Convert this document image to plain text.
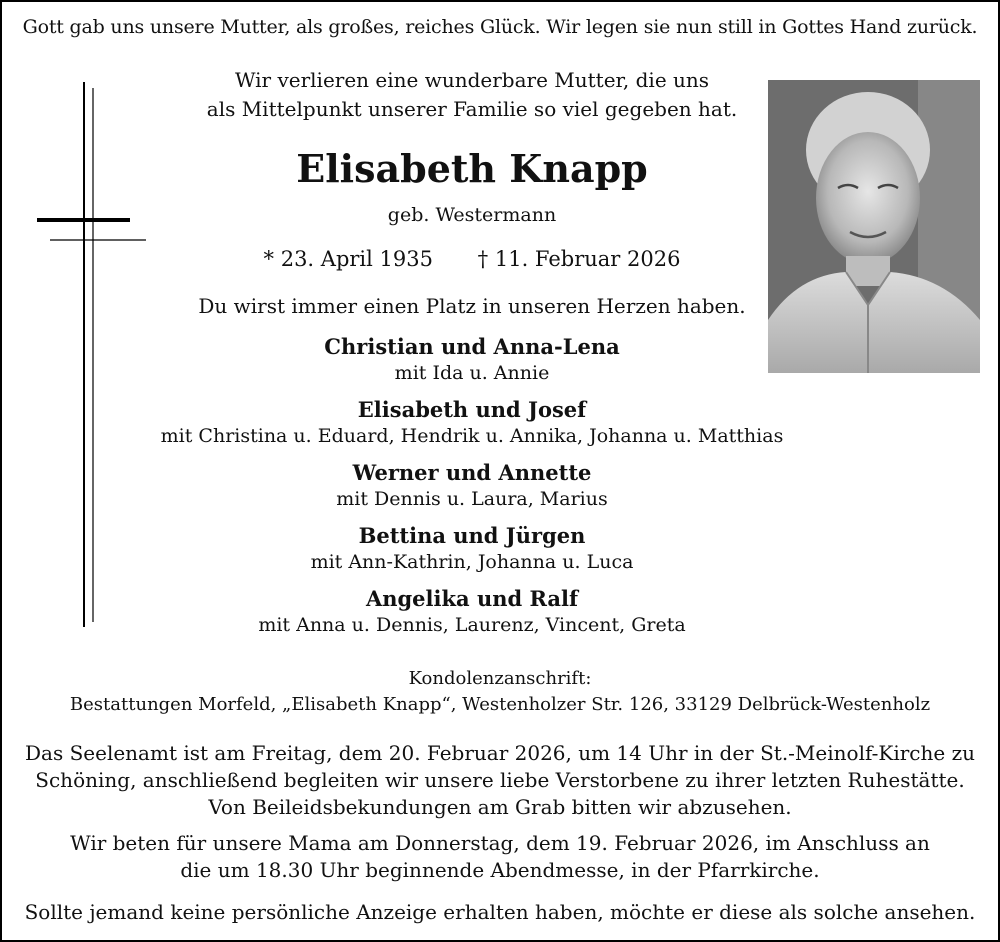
Gott gab uns unsere Mutter, als großes, reiches Glück. Wir legen sie nun still in Gottes Hand zurück.
Wir verlieren eine wunderbare Mutter, die uns
als Mittelpunkt unserer Familie so viel gegeben hat.
Elisabeth Knapp
geb. Westermann
* 23. April 1935 † 11. Februar 2026
Du wirst immer einen Platz in unseren Herzen haben.
Christian und Anna-Lena
mit Ida u. Annie
Elisabeth und Josef
mit Christina u. Eduard, Hendrik u. Annika, Johanna u. Matthias
Werner und Annette
mit Dennis u. Laura, Marius
Bettina und Jürgen
mit Ann-Kathrin, Johanna u. Luca
Angelika und Ralf
mit Anna u. Dennis, Laurenz, Vincent, Greta
Kondolenzanschrift:
Bestattungen Morfeld, „Elisabeth Knapp“, Westenholzer Str. 126, 33129 Delbrück-Westenholz
Das Seelenamt ist am Freitag, dem 20. Februar 2026, um 14 Uhr in der St.-Meinolf-Kirche zu
Schöning, anschließend begleiten wir unsere liebe Verstorbene zu ihrer letzten Ruhestätte.
Von Beileidsbekundungen am Grab bitten wir abzusehen.
Wir beten für unsere Mama am Donnerstag, dem 19. Februar 2026, im Anschluss an
die um 18.30 Uhr beginnende Abendmesse, in der Pfarrkirche.
Sollte jemand keine persönliche Anzeige erhalten haben, möchte er diese als solche ansehen.
